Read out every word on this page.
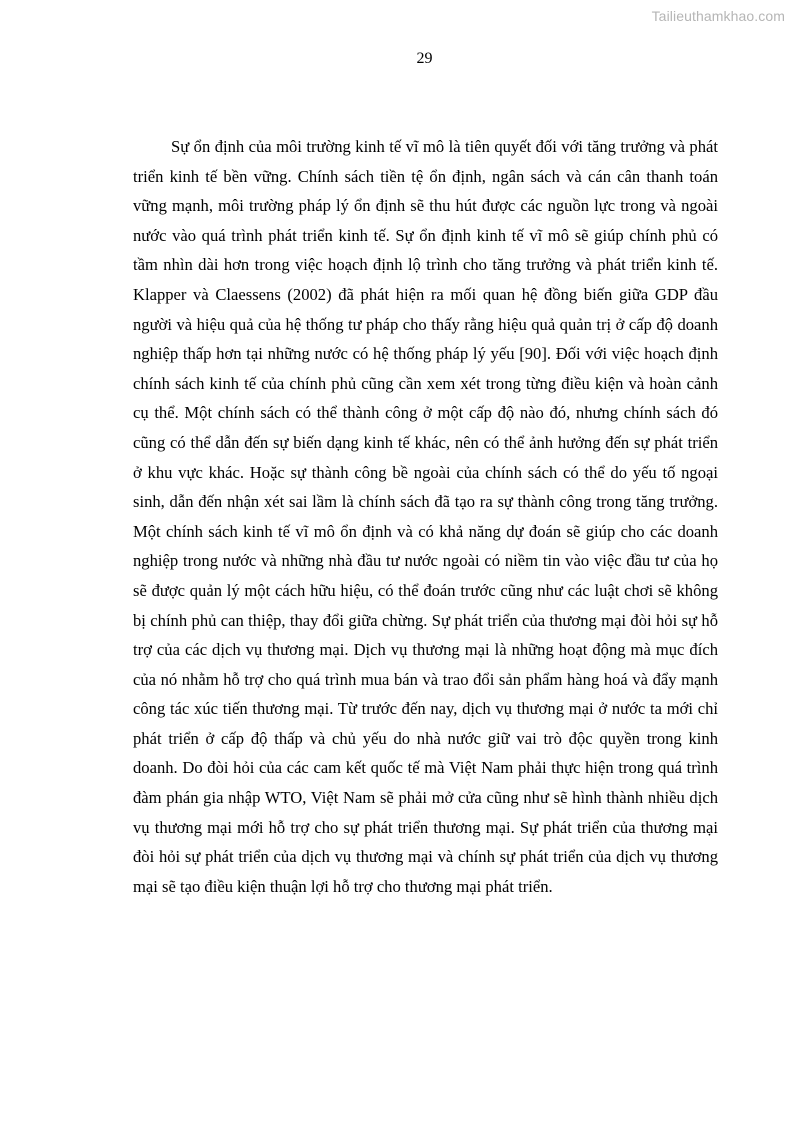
Tailieuthamkhao.com
29

Sự ổn định của môi trường kinh tế vĩ mô là tiên quyết đối với tăng trưởng và phát triển kinh tế bền vững. Chính sách tiền tệ ổn định, ngân sách và cán cân thanh toán vững mạnh, môi trường pháp lý ổn định sẽ thu hút được các nguồn lực trong và ngoài nước vào quá trình phát triển kinh tế. Sự ổn định kinh tế vĩ mô sẽ giúp chính phủ có tầm nhìn dài hơn trong việc hoạch định lộ trình cho tăng trưởng và phát triển kinh tế. Klapper và Claessens (2002) đã phát hiện ra mối quan hệ đồng biến giữa GDP đầu người và hiệu quả của hệ thống tư pháp cho thấy rằng hiệu quả quản trị ở cấp độ doanh nghiệp thấp hơn tại những nước có hệ thống pháp lý yếu [90]. Đối với việc hoạch định chính sách kinh tế của chính phủ cũng cần xem xét trong từng điều kiện và hoàn cảnh cụ thể. Một chính sách có thể thành công ở một cấp độ nào đó, nhưng chính sách đó cũng có thể dẫn đến sự biến dạng kinh tế khác, nên có thể ảnh hưởng đến sự phát triển ở khu vực khác. Hoặc sự thành công bề ngoài của chính sách có thể do yếu tố ngoại sinh, dẫn đến nhận xét sai lầm là chính sách đã tạo ra sự thành công trong tăng trưởng. Một chính sách kinh tế vĩ mô ổn định và có khả năng dự đoán sẽ giúp cho các doanh nghiệp trong nước và những nhà đầu tư nước ngoài có niềm tin vào việc đầu tư của họ sẽ được quản lý một cách hữu hiệu, có thể đoán trước cũng như các luật chơi sẽ không bị chính phủ can thiệp, thay đổi giữa chừng. Sự phát triển của thương mại đòi hỏi sự hỗ trợ của các dịch vụ thương mại. Dịch vụ thương mại là những hoạt động mà mục đích của nó nhằm hỗ trợ cho quá trình mua bán và trao đổi sản phẩm hàng hoá và đẩy mạnh công tác xúc tiến thương mại. Từ trước đến nay, dịch vụ thương mại ở nước ta mới chỉ phát triển ở cấp độ thấp và chủ yếu do nhà nước giữ vai trò độc quyền trong kinh doanh. Do đòi hỏi của các cam kết quốc tế mà Việt Nam phải thực hiện trong quá trình đàm phán gia nhập WTO, Việt Nam sẽ phải mở cửa cũng như sẽ hình thành nhiều dịch vụ thương mại mới hỗ trợ cho sự phát triển thương mại. Sự phát triển của thương mại đòi hỏi sự phát triển của dịch vụ thương mại và chính sự phát triển của dịch vụ thương mại sẽ tạo điều kiện thuận lợi hỗ trợ cho thương mại phát triển.
